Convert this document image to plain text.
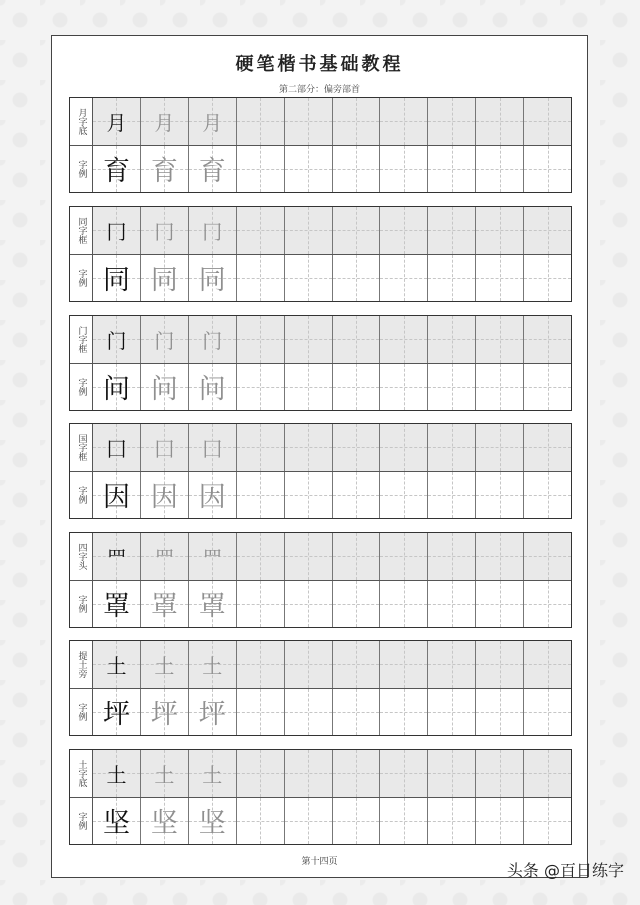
硬笔楷书基础教程
第二部分：偏旁部首
月字底
字例
月 月 月
育 育 育
同字框
字例
冂 冂 冂
同 同 同
门字框
字例
门 门 门
问 问 问
国字框
字例
囗 囗 囗
因 因 因
四字头
字例
罒 罒 罒
罩 罩 罩
提土旁
字例
土 土 土
坪 坪 坪
土字底
字例
土 土 土
坚 坚 坚
第十四页	头条 @百日练字
